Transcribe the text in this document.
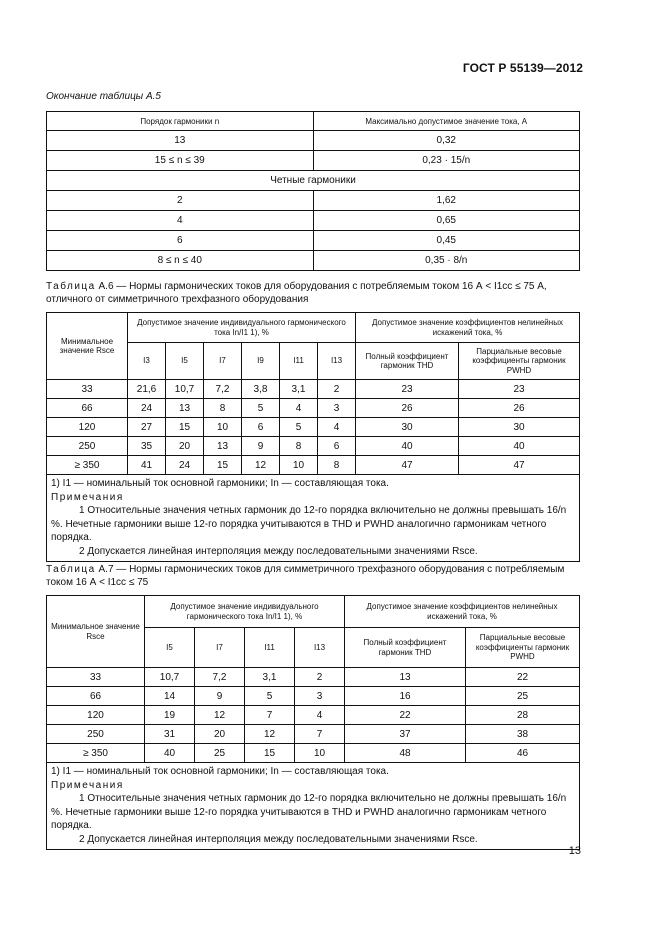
ГОСТ Р 55139—2012
Окончание таблицы А.5
Порядок гармоники n	Максимально допустимое значение тока, А
13	0,32
15 ≤ n ≤ 39	0,23 · 15/n
Четные гармоники	
2	1,62
4	0,65
6	0,45
8 ≤ n ≤ 40	0,35 · 8/n
Таблица А.6 — Нормы гармонических токов для оборудования с потребляемым током 16 А < I1cc ≤ 75 А, отличного от симметричного трехфазного оборудования
Минимальное значение Rsce	Допустимое значение индивидуального гармонического тока In/I1 1), %						Допустимое значение коэффициентов нелинейных искажений тока, %	
	I3	I5	I7	I9	I11	I13	Полный коэффициент гармоник THD	Парциальные весовые коэффициенты гармоник PWHD
33	21,6	10,7	7,2	3,8	3,1	2	23	23
66	24	13	8	5	4	3	26	26
120	27	15	10	6	5	4	30	30
250	35	20	13	9	8	6	40	40
≥ 350	41	24	15	12	10	8	47	47

1) I1 — номинальный ток основной гармоники; In — составляющая тока.
Примечания
1 Относительные значения четных гармоник до 12-го порядка включительно не должны превышать 16/n %. Нечетные гармоники выше 12-го порядка учитываются в THD и PWHD аналогично гармоникам четного порядка.
2 Допускается линейная интерполяция между последовательными значениями Rsce.								
Таблица А.7 — Нормы гармонических токов для симметричного трехфазного оборудования с потребляемым током 16 А < I1cc ≤ 75
Минимальное значение Rsce	Допустимое значение индивидуального гармонического тока In/I1 1), %				Допустимое значение коэффициентов нелинейных искажений тока, %	
	I5	I7	I11	I13	Полный коэффициент гармоник THD	Парциальные весовые коэффициенты гармоник PWHD
33	10,7	7,2	3,1	2	13	22
66	14	9	5	3	16	25
120	19	12	7	4	22	28
250	31	20	12	7	37	38
≥ 350	40	25	15	10	48	46

1) I1 — номинальный ток основной гармоники; In — составляющая тока.
Примечания
1 Относительные значения четных гармоник до 12-го порядка включительно не должны превышать 16/n %. Нечетные гармоники выше 12-го порядка учитываются в THD и PWHD аналогично гармоникам четного порядка.
2 Допускается линейная интерполяция между последовательными значениями Rsce.						
13
